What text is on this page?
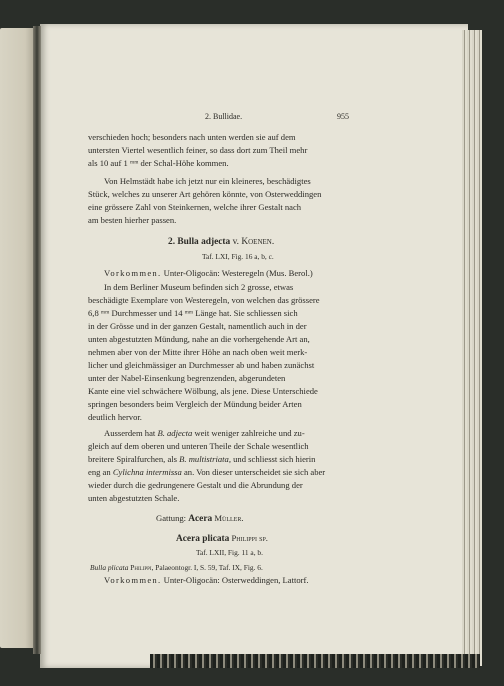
2. Bullidae.	955
verschieden hoch; besonders nach unten werden sie auf dem
untersten Viertel wesentlich feiner, so dass dort zum Theil mehr
als 10 auf 1 ᵐᵐ der Schal-Höhe kommen.
Von Helmstädt habe ich jetzt nur ein kleineres, beschädigtes
Stück, welches zu unserer Art gehören könnte, von Osterweddingen
eine grössere Zahl von Steinkernen, welche ihrer Gestalt nach
am besten hierher passen.
2. Bulla adjecta v. Koenen.
Taf. LXI, Fig. 16 a, b, c.
Vorkommen. Unter-Oligocän: Westeregeln (Mus. Berol.)
In dem Berliner Museum befinden sich 2 grosse, etwas
beschädigte Exemplare von Westeregeln, von welchen das grössere
6,8 ᵐᵐ Durchmesser und 14 ᵐᵐ Länge hat. Sie schliessen sich
in der Grösse und in der ganzen Gestalt, namentlich auch in der
unten abgestutzten Mündung, nahe an die vorhergehende Art an,
nehmen aber von der Mitte ihrer Höhe an nach oben weit merk-
licher und gleichmässiger an Durchmesser ab und haben zunächst
unter der Nabel-Einsenkung begrenzenden, abgerundeten
Kante eine viel schwächere Wölbung, als jene. Diese Unterschiede
springen besonders beim Vergleich der Mündung beider Arten
deutlich hervor.
Ausserdem hat B. adjecta weit weniger zahlreiche und zu-
gleich auf dem oberen und unteren Theile der Schale wesentlich
breitere Spiralfurchen, als B. multistriata, und schliesst sich hierin
eng an Cylichna intermissa an. Von dieser unterscheidet sie sich aber
wieder durch die gedrungenere Gestalt und die Abrundung der
unten abgestutzten Schale.
Gattung: Acera Müller.
Acera plicata Philippi sp.
Taf. LXII, Fig. 11 a, b.
Bulla plicata Philippi, Palaeontogr. I, S. 59, Taf. IX, Fig. 6.
Vorkommen. Unter-Oligocän: Osterweddingen, Lattorf.
